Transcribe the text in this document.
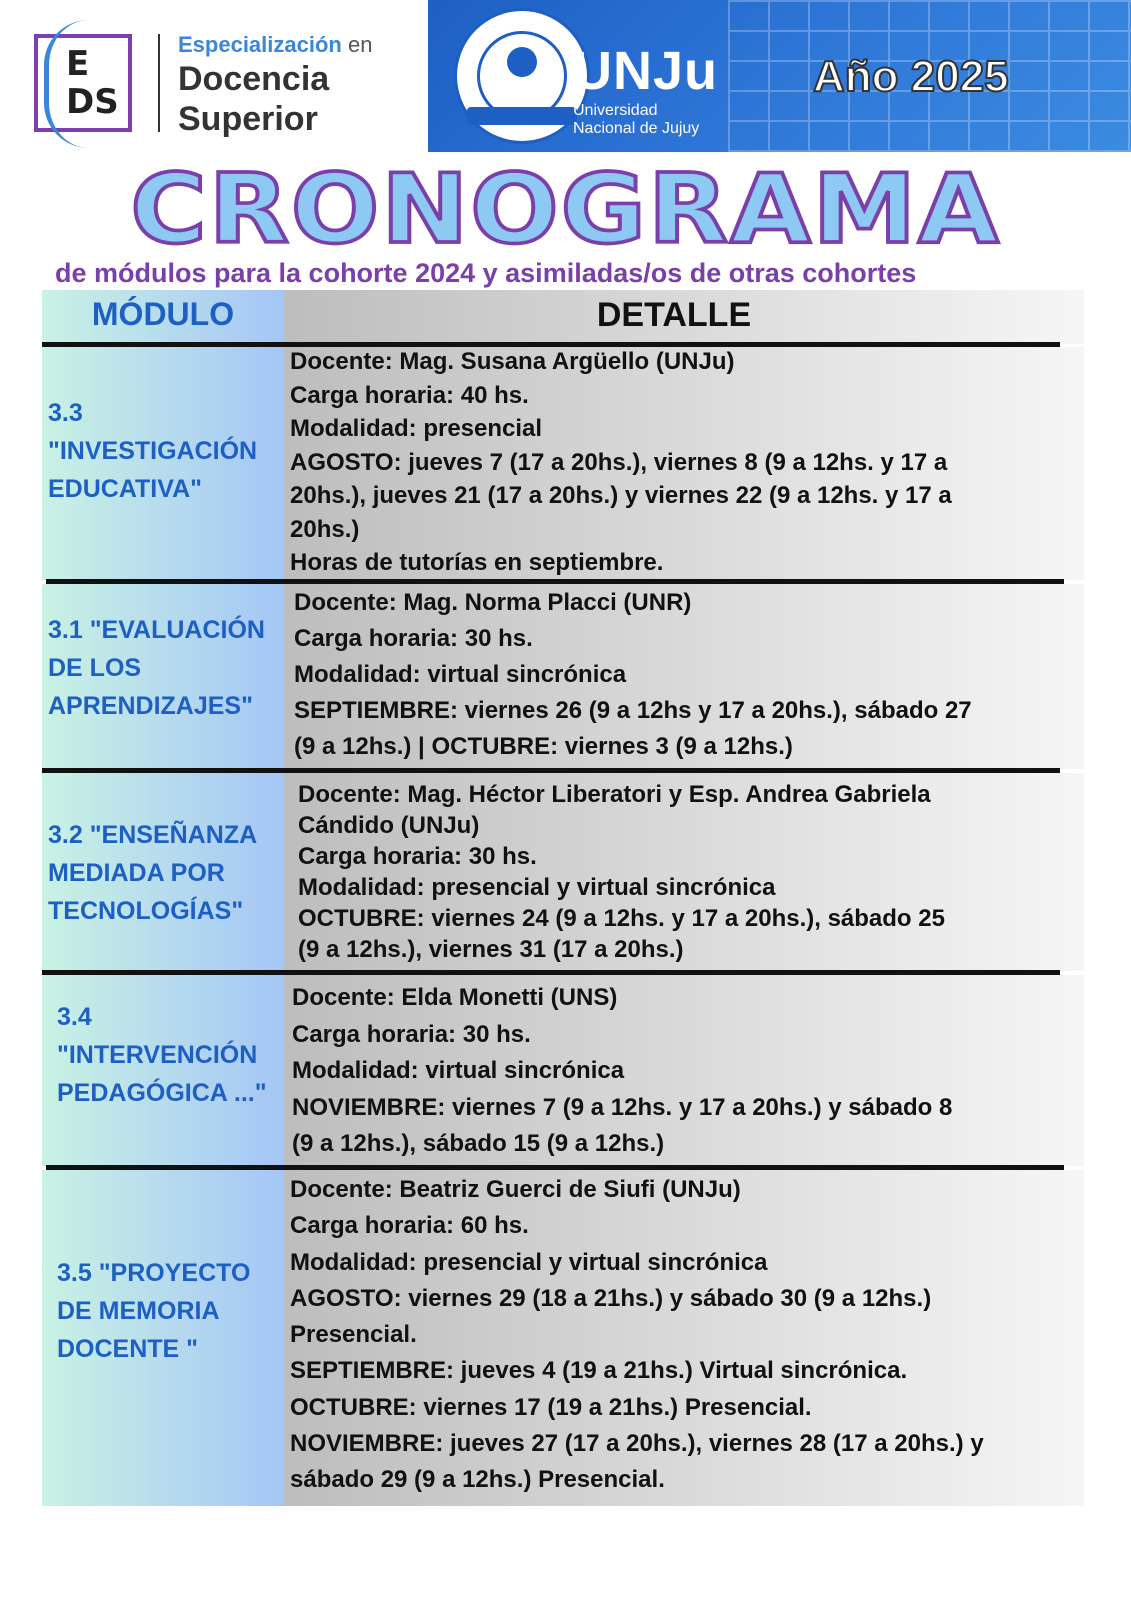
E
DS
Especialización en
Docencia
Superior
UNJu
Universidad
Nacional de Jujuy
Año 2025
CRONOGRAMA
de módulos para la cohorte 2024 y asimiladas/os de otras cohortes
MÓDULO	DETALLE
3.3
"INVESTIGACIÓN
EDUCATIVA"
Docente: Mag. Susana Argüello (UNJu)
Carga horaria: 40 hs.
Modalidad: presencial
AGOSTO: jueves 7 (17 a 20hs.), viernes 8 (9 a 12hs. y 17 a
20hs.), jueves 21 (17 a 20hs.) y viernes 22 (9 a 12hs. y 17 a
20hs.)
Horas de tutorías en septiembre.
3.1 "EVALUACIÓN
DE LOS
APRENDIZAJES"
Docente: Mag. Norma Placci (UNR)
Carga horaria: 30 hs.
Modalidad: virtual sincrónica
SEPTIEMBRE: viernes 26 (9 a 12hs y 17 a 20hs.), sábado 27
(9 a 12hs.) | OCTUBRE: viernes 3 (9 a 12hs.)
3.2 "ENSEÑANZA
MEDIADA POR
TECNOLOGÍAS"
Docente: Mag. Héctor Liberatori y Esp. Andrea Gabriela
Cándido (UNJu)
Carga horaria: 30 hs.
Modalidad: presencial y virtual sincrónica
OCTUBRE: viernes 24 (9 a 12hs. y 17 a 20hs.), sábado 25
(9 a 12hs.), viernes 31 (17 a 20hs.)
3.4
"INTERVENCIÓN
PEDAGÓGICA ..."
Docente: Elda Monetti (UNS)
Carga horaria: 30 hs.
Modalidad: virtual sincrónica
NOVIEMBRE: viernes 7 (9 a 12hs. y 17 a 20hs.) y sábado 8
(9 a 12hs.), sábado 15 (9 a 12hs.)
3.5 "PROYECTO
DE MEMORIA
DOCENTE "
Docente: Beatriz Guerci de Siufi (UNJu)
Carga horaria: 60 hs.
Modalidad: presencial y virtual sincrónica
AGOSTO: viernes 29 (18 a 21hs.) y sábado 30 (9 a 12hs.)
Presencial.
SEPTIEMBRE: jueves 4 (19 a 21hs.) Virtual sincrónica.
OCTUBRE: viernes 17 (19 a 21hs.) Presencial.
NOVIEMBRE: jueves 27 (17 a 20hs.), viernes 28 (17 a 20hs.) y
sábado 29 (9 a 12hs.) Presencial.
